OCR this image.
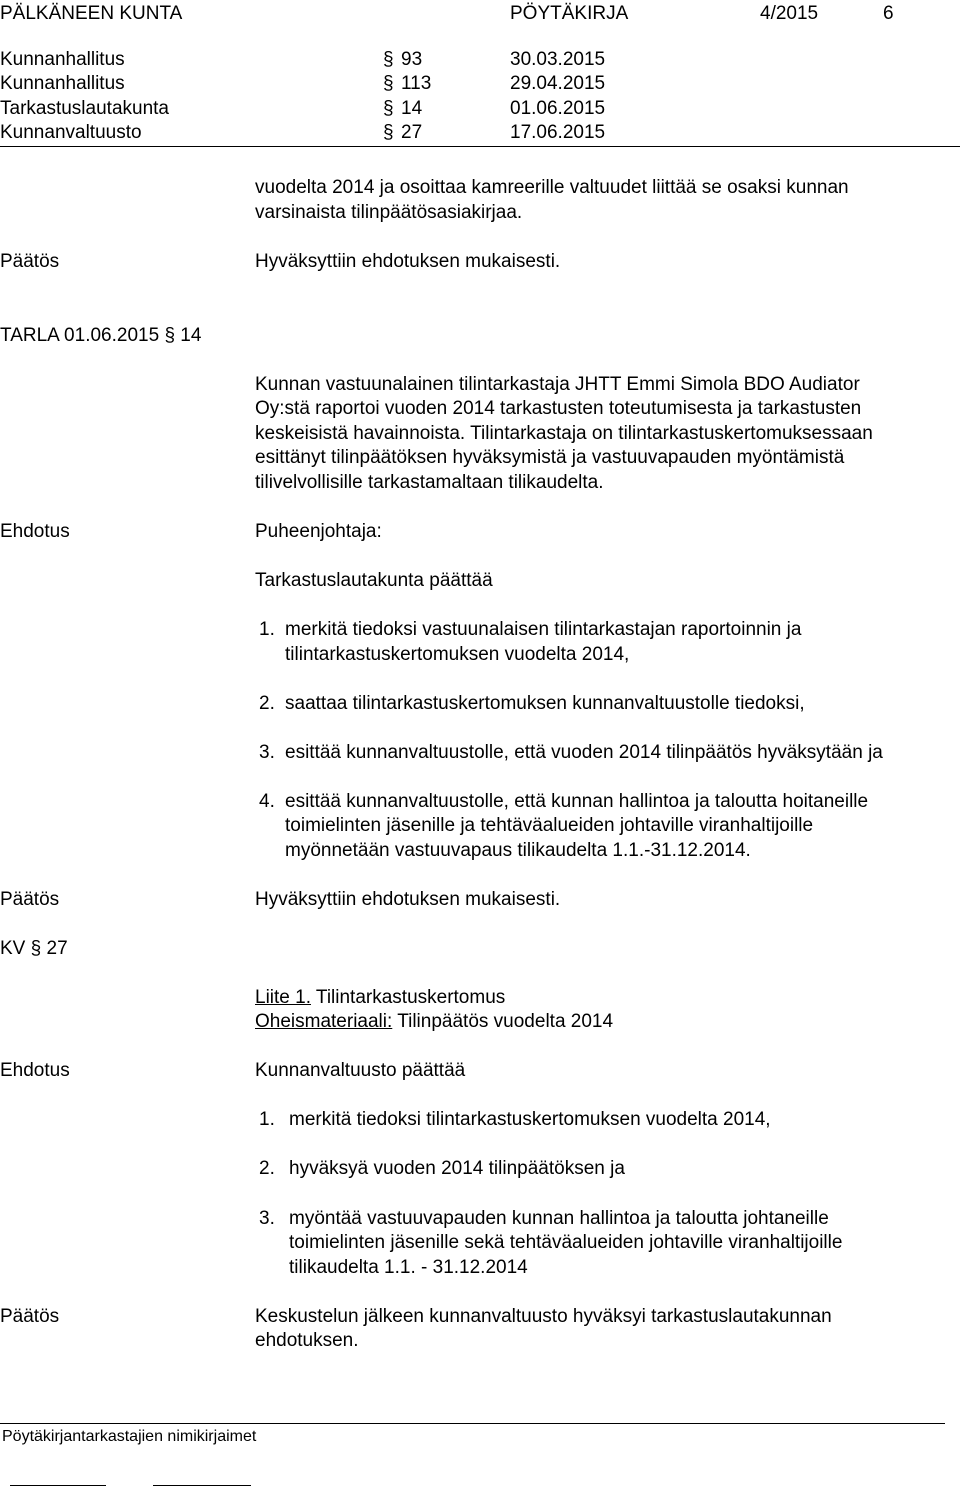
PÄLKÄNEEN KUNTA	PÖYTÄKIRJA	4/2015	6
Kunnanhallitus	§ 93	30.03.2015
Kunnanhallitus	§ 113	29.04.2015
Tarkastuslautakunta	§ 14	01.06.2015
Kunnanvaltuusto	§ 27	17.06.2015
vuodelta 2014 ja osoittaa kamreerille valtuudet liittää se osaksi kunnan
varsinaista tilinpäätösasiakirjaa.
Päätös	Hyväksyttiin ehdotuksen mukaisesti.
TARLA 01.06.2015 § 14
Kunnan vastuunalainen tilintarkastaja JHTT Emmi Simola BDO Audiator
Oy:stä raportoi vuoden 2014 tarkastusten toteutumisesta ja tarkastusten
keskeisistä havainnoista. Tilintarkastaja on tilintarkastuskertomuksessaan
esittänyt tilinpäätöksen hyväksymistä ja vastuuvapauden myöntämistä
tilivelvollisille tarkastamaltaan tilikaudelta.
Ehdotus	Puheenjohtaja:
Tarkastuslautakunta päättää
1. merkitä tiedoksi vastuunalaisen tilintarkastajan raportoinnin ja
tilintarkastuskertomuksen vuodelta 2014,
2. saattaa tilintarkastuskertomuksen kunnanvaltuustolle tiedoksi,
3. esittää kunnanvaltuustolle, että vuoden 2014 tilinpäätös hyväksytään ja
4. esittää kunnanvaltuustolle, että kunnan hallintoa ja taloutta hoitaneille
toimielinten jäsenille ja tehtäväalueiden johtaville viranhaltijoille
myönnetään vastuuvapaus tilikaudelta 1.1.-31.12.2014.
Päätös	Hyväksyttiin ehdotuksen mukaisesti.
KV § 27
Liite 1. Tilintarkastuskertomus
Oheismateriaali: Tilinpäätös vuodelta 2014
Ehdotus	Kunnanvaltuusto päättää
1. merkitä tiedoksi tilintarkastuskertomuksen vuodelta 2014,
2. hyväksyä vuoden 2014 tilinpäätöksen ja
3. myöntää vastuuvapauden kunnan hallintoa ja taloutta johtaneille
toimielinten jäsenille sekä tehtäväalueiden johtaville viranhaltijoille
tilikaudelta 1.1. - 31.12.2014
Päätös	Keskustelun jälkeen kunnanvaltuusto hyväksyi tarkastuslautakunnan
ehdotuksen.
Pöytäkirjantarkastajien nimikirjaimet
